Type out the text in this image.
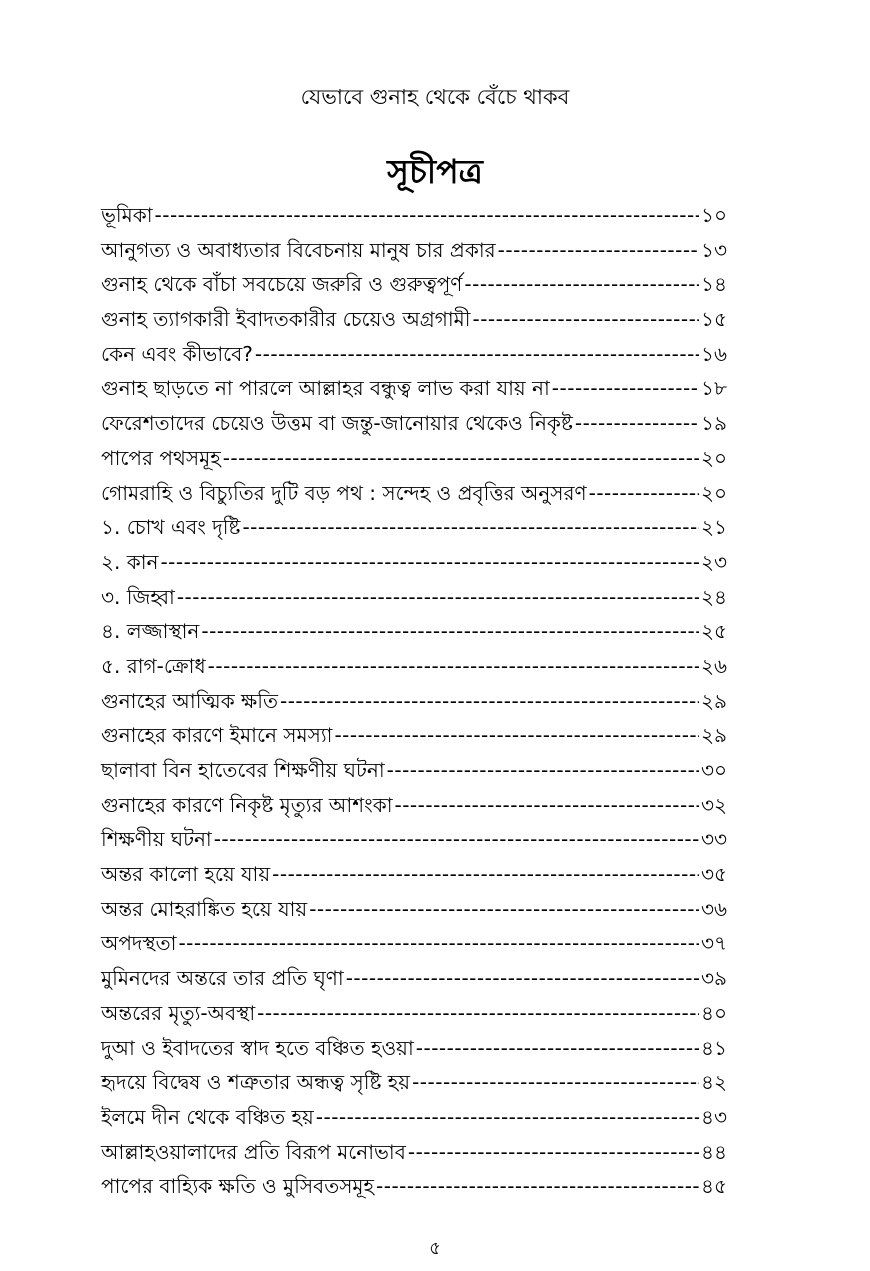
যেভাবে গুনাহ থেকে বেঁচে থাকব
সূচীপত্র
ভূমিকা -----	১০
আনুগত্য ও অবাধ্যতার বিবেচনায় মানুষ চার প্রকার -----	১৩
গুনাহ থেকে বাঁচা সবচেয়ে জরুরি ও গুরুত্বপূর্ণ -----	১৪
গুনাহ ত্যাগকারী ইবাদতকারীর চেয়েও অগ্রগামী -----	১৫
কেন এবং কীভাবে? -----	১৬
গুনাহ ছাড়তে না পারলে আল্লাহর বন্ধুত্ব লাভ করা যায় না -----	১৮
ফেরেশতাদের চেয়েও উত্তম বা জন্তু-জানোয়ার থেকেও নিকৃষ্ট -----	১৯
পাপের পথসমূহ -----	২০
গোমরাহি ও বিচ্যুতির দুটি বড় পথ : সন্দেহ ও প্রবৃত্তির অনুসরণ -----	২০
১. চোখ এবং দৃষ্টি -----	২১
২. কান -----	২৩
৩. জিহ্বা -----	২৪
৪. লজ্জাস্থান -----	২৫
৫. রাগ-ক্রোধ -----	২৬
গুনাহের আত্মিক ক্ষতি -----	২৯
গুনাহের কারণে ইমানে সমস্যা -----	২৯
ছালাবা বিন হাতেবের শিক্ষণীয় ঘটনা -----	৩০
গুনাহের কারণে নিকৃষ্ট মৃত্যুর আশংকা -----	৩২
শিক্ষণীয় ঘটনা -----	৩৩
অন্তর কালো হয়ে যায় -----	৩৫
অন্তর মোহরাঙ্কিত হয়ে যায় -----	৩৬
অপদস্থতা -----	৩৭
মুমিনদের অন্তরে তার প্রতি ঘৃণা -----	৩৯
অন্তরের মৃত্যু-অবস্থা -----	৪০
দুআ ও ইবাদতের স্বাদ হতে বঞ্চিত হওয়া -----	৪১
হৃদয়ে বিদ্বেষ ও শত্রুতার অন্ধত্ব সৃষ্টি হয় -----	৪২
ইলমে দীন থেকে বঞ্চিত হয় -----	৪৩
আল্লাহওয়ালাদের প্রতি বিরূপ মনোভাব -----	৪৪
পাপের বাহ্যিক ক্ষতি ও মুসিবতসমূহ -----	৪৫
৫
